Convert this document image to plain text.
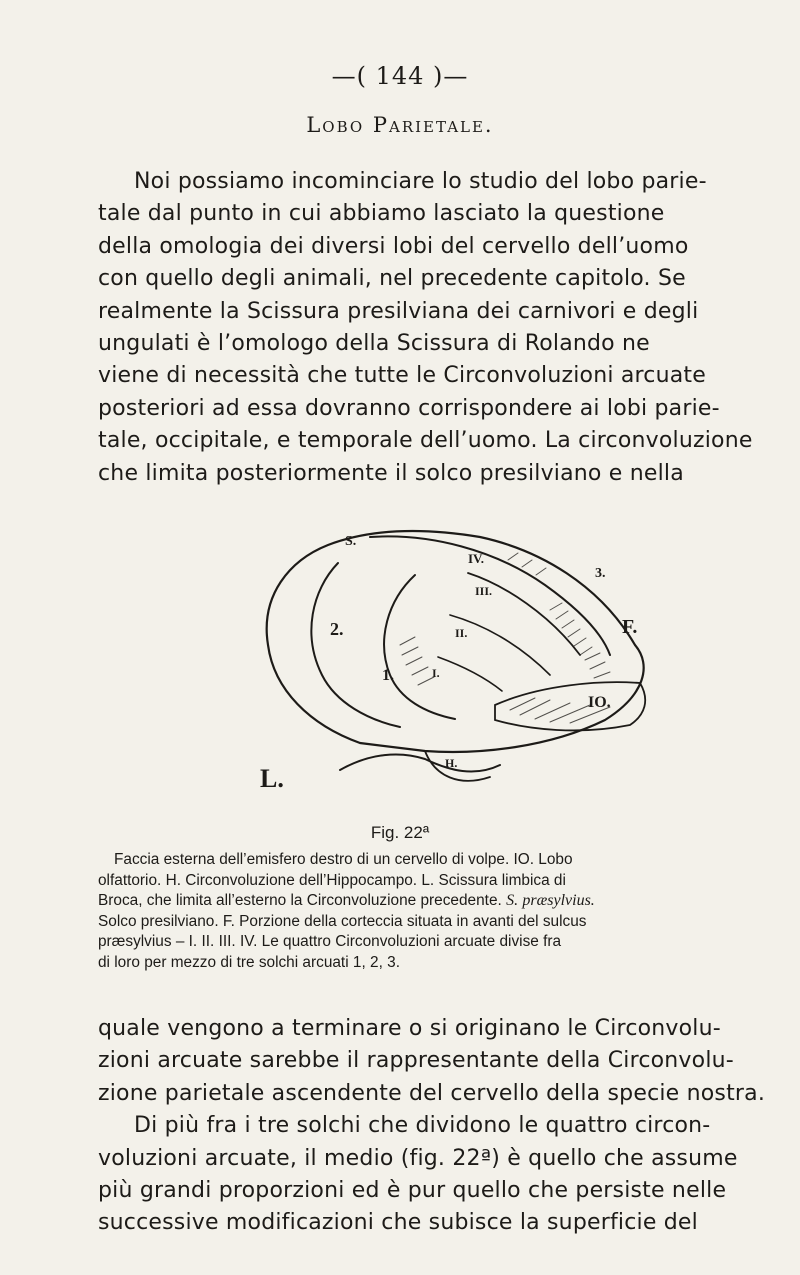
—( 144 )—
Lobo Parietale.
Noi possiamo incominciare lo studio del lobo parie-
tale dal punto in cui abbiamo lasciato la questione
della omologia dei diversi lobi del cervello dell’uomo
con quello degli animali, nel precedente capitolo. Se
realmente la Scissura presilviana dei carnivori e degli
ungulati è l’omologo della Scissura di Rolando ne
viene di necessità che tutte le Circonvoluzioni arcuate
posteriori ad essa dovranno corrispondere ai lobi parie-
tale, occipitale, e temporale dell’uomo. La circonvoluzione
che limita posteriormente il solco presilviano e nella
S.
IV.
III.
II.
I.
2.
1.
3.
F.
IO.
L.
H.
Fig. 22ª
Faccia esterna dell’emisfero destro di un cervello di volpe. IO. Lobo
olfattorio. H. Circonvoluzione dell’Hippocampo. L. Scissura limbica di
Broca, che limita all’esterno la Circonvoluzione precedente. S. præsylvius.
Solco presilviano. F. Porzione della corteccia situata in avanti del sulcus
præsylvius – I. II. III. IV. Le quattro Circonvoluzioni arcuate divise fra
di loro per mezzo di tre solchi arcuati 1, 2, 3.
quale vengono a terminare o si originano le Circonvolu-
zioni arcuate sarebbe il rappresentante della Circonvolu-
zione parietale ascendente del cervello della specie nostra.
Di più fra i tre solchi che dividono le quattro circon-
voluzioni arcuate, il medio (fig. 22ª) è quello che assume
più grandi proporzioni ed è pur quello che persiste nelle
successive modificazioni che subisce la superficie del
